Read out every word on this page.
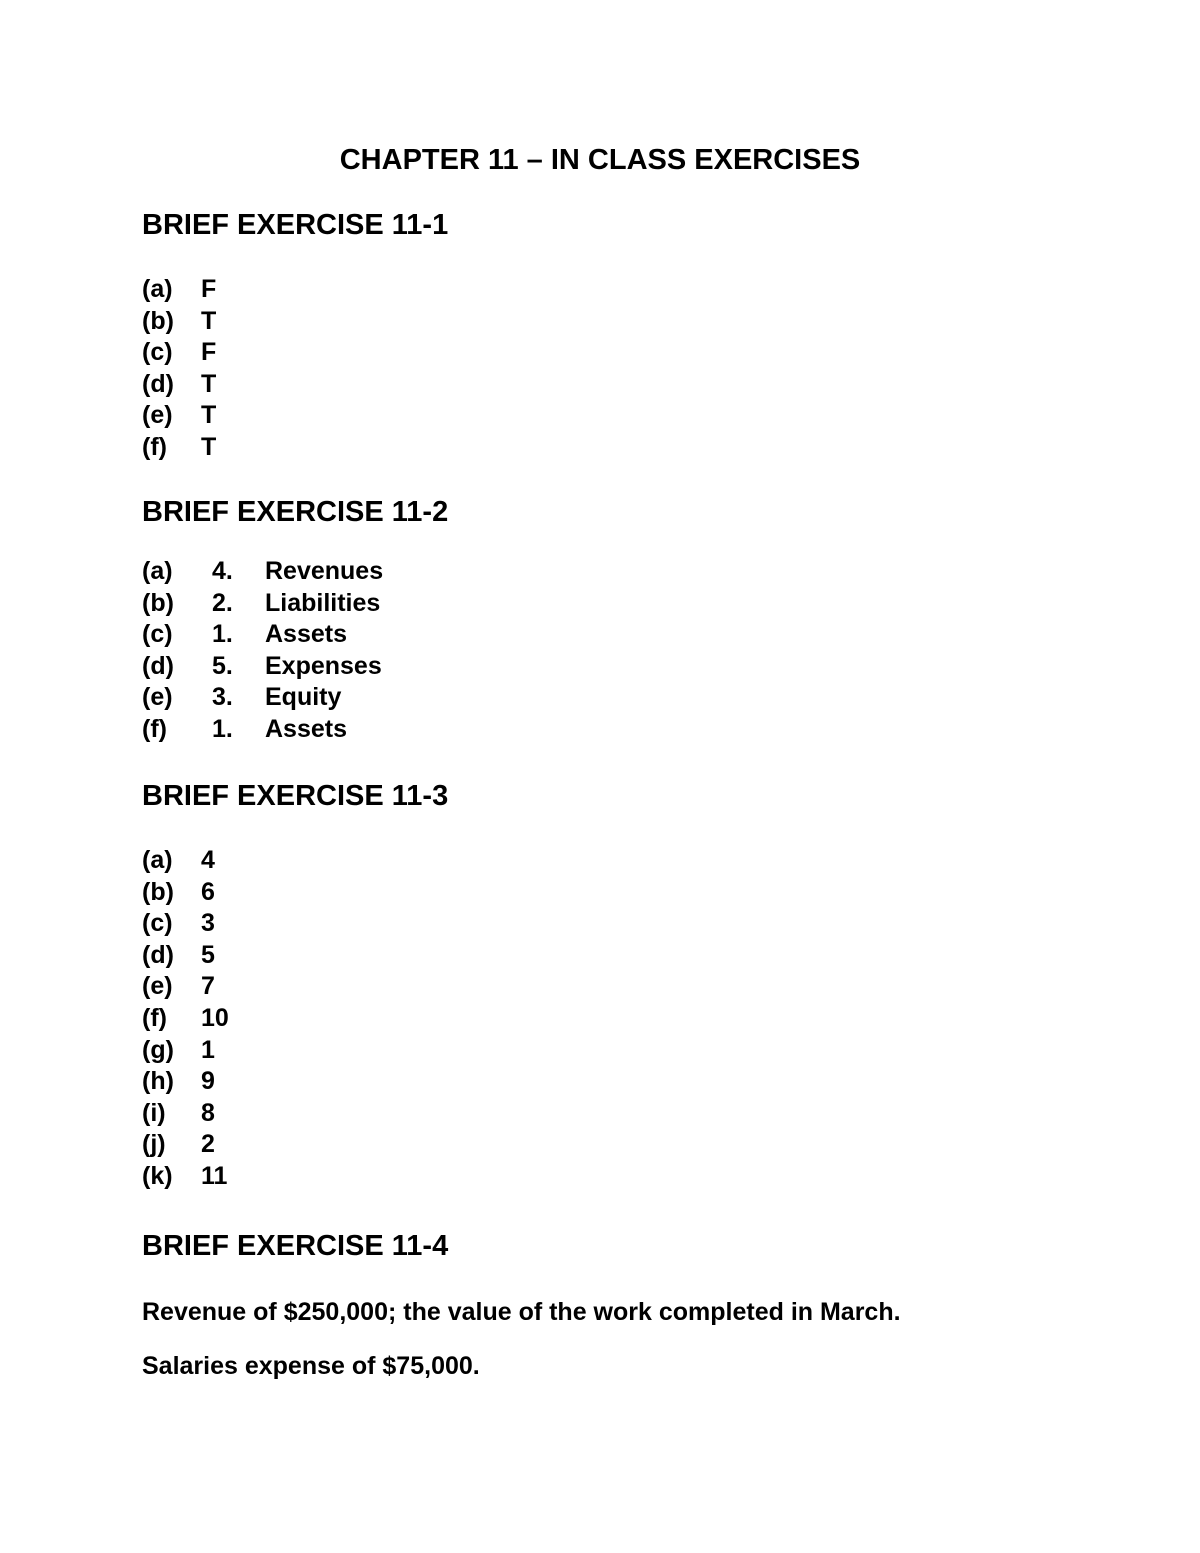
CHAPTER 11 – IN CLASS EXERCISES
BRIEF EXERCISE 11-1
(a) F
(b) T
(c) F
(d) T
(e) T
(f) T
BRIEF EXERCISE 11-2
(a) 4. Revenues
(b) 2. Liabilities
(c) 1. Assets
(d) 5. Expenses
(e) 3. Equity
(f) 1. Assets
BRIEF EXERCISE 11-3
(a) 4
(b) 6
(c) 3
(d) 5
(e) 7
(f) 10
(g) 1
(h) 9
(i) 8
(j) 2
(k) 11
BRIEF EXERCISE 11-4
Revenue of $250,000; the value of the work completed in March.
Salaries expense of $75,000.
